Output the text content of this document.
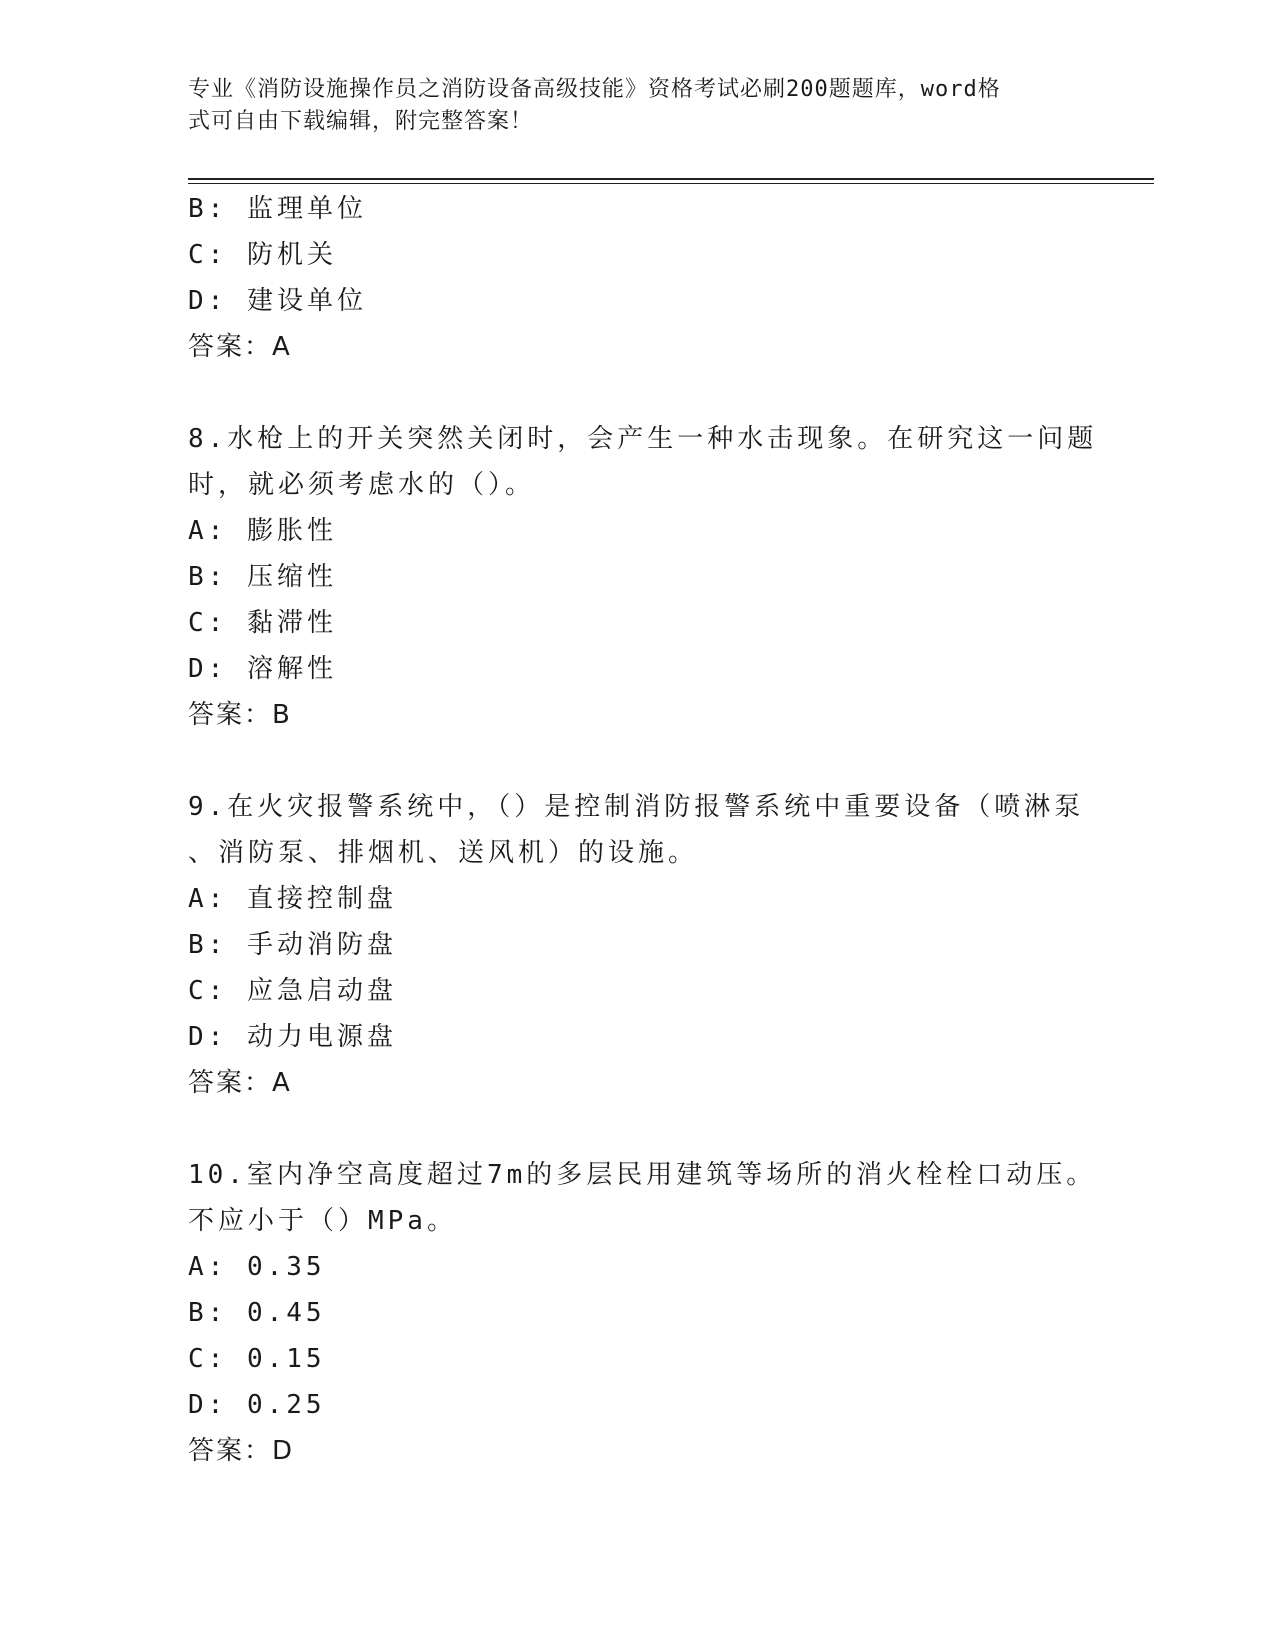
专业《消防设施操作员之消防设备高级技能》资格考试必刷200题题库，word格
式可自由下载编辑，附完整答案！
B: 监理单位
C: 防机关
D: 建设单位
答案：A
8.水枪上的开关突然关闭时，会产生一种水击现象。在研究这一问题
时，就必须考虑水的（）。
A: 膨胀性
B: 压缩性
C: 黏滞性
D: 溶解性
答案：B
9.在火灾报警系统中，（）是控制消防报警系统中重要设备（喷淋泵
、消防泵、排烟机、送风机）的设施。
A: 直接控制盘
B: 手动消防盘
C: 应急启动盘
D: 动力电源盘
答案：A
10.室内净空高度超过7m的多层民用建筑等场所的消火栓栓口动压。
不应小于（）MPa。
A: 0.35
B: 0.45
C: 0.15
D: 0.25
答案：D
